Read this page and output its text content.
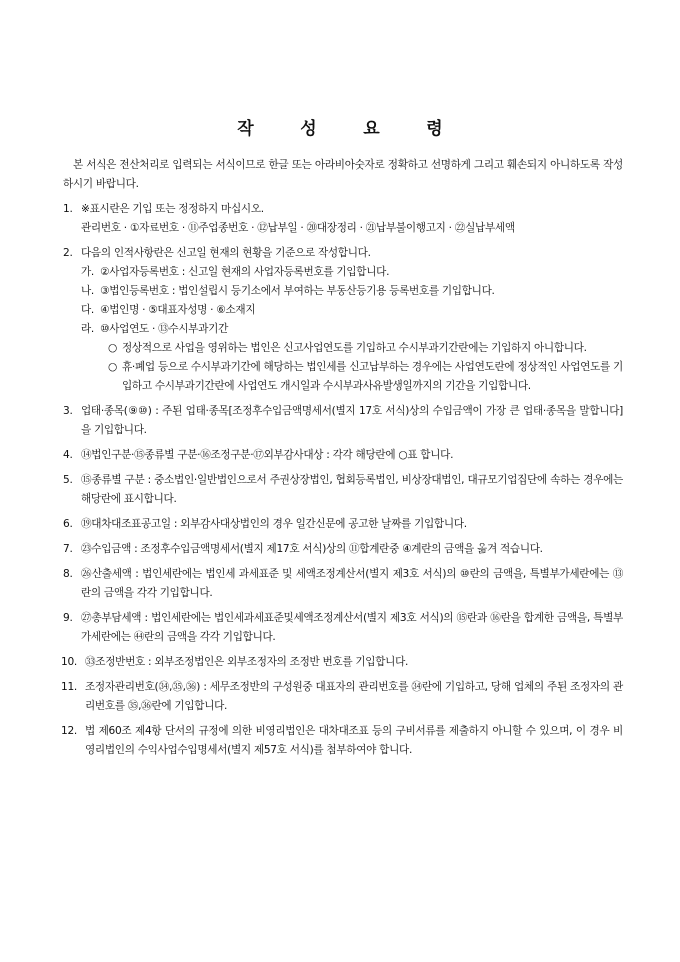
작	성	요	령

본 서식은 전산처리로 입력되는 서식이므로 한글 또는 아라비아숫자로 정확하고 선명하게 그리고 훼손되지 아니하도록 작성하시기 바랍니다.

1. ※표시란은 기입 또는 정정하지 마십시오.

관리번호 · ①자료번호 · ⑪주업종번호 · ⑫납부일 · ⑳대장정리 · ㉑납부불이행고지 · ㉒실납부세액

2. 다음의 인적사항란은 신고일 현재의 현황을 기준으로 작성합니다.

가. ②사업자등록번호 : 신고일 현재의 사업자등록번호를 기입합니다.

나. ③법인등록번호 : 법인설립시 등기소에서 부여하는 부동산등기용 등록번호를 기입합니다.

다. ④법인명 · ⑤대표자성명 · ⑥소재지

라. ⑩사업연도 · ⑬수시부과기간

○ 정상적으로 사업을 영위하는 법인은 신고사업연도를 기입하고 수시부과기간란에는 기입하지 아니합니다.

○ 휴·폐업 등으로 수시부과기간에 해당하는 법인세를 신고납부하는 경우에는 사업연도란에 정상적인 사업연도를 기입하고 수시부과기간란에 사업연도 개시일과 수시부과사유발생일까지의 기간을 기입합니다.

3. 업태·종목(⑨⑩) : 주된 업태·종목[조정후수입금액명세서(별지 17호 서식)상의 수입금액이 가장 큰 업태·종목을 말합니다]을 기입합니다.

4. ⑭법인구분·⑮종류별 구분·⑯조정구분·⑰외부감사대상 : 각각 해당란에 ○표 합니다.

5. ⑮종류별 구분 : 중소법인·일반법인으로서 주권상장법인, 협회등록법인, 비상장대법인, 대규모기업집단에 속하는 경우에는 해당란에 표시합니다.

6. ⑲대차대조표공고일 : 외부감사대상법인의 경우 일간신문에 공고한 날짜를 기입합니다.

7. ㉓수입금액 : 조정후수입금액명세서(별지 제17호 서식)상의 ⑪합계란중 ④계란의 금액을 옮겨 적습니다.

8. ㉖산출세액 : 법인세란에는 법인세 과세표준 및 세액조정계산서(별지 제3호 서식)의 ⑩란의 금액을, 특별부가세란에는 ⑬란의 금액을 각각 기입합니다.

9. ㉗총부담세액 : 법인세란에는 법인세과세표준및세액조정계산서(별지 제3호 서식)의 ⑮란과 ⑯란을 합계한 금액을, 특별부가세란에는 ㊹란의 금액을 각각 기입합니다.

10. ㉝조정반번호 : 외부조정법인은 외부조정자의 조정반 번호를 기입합니다.

11. 조정자관리번호(㉞,㉟,㊱) : 세무조정반의 구성원중 대표자의 관리번호를 ㉞란에 기입하고, 당해 업체의 주된 조정자의 관리번호를 ㉟,㊱란에 기입합니다.

12. 법 제60조 제4항 단서의 규정에 의한 비영리법인은 대차대조표 등의 구비서류를 제출하지 아니할 수 있으며, 이 경우 비영리법인의 수익사업수입명세서(별지 제57호 서식)를 첨부하여야 합니다.
